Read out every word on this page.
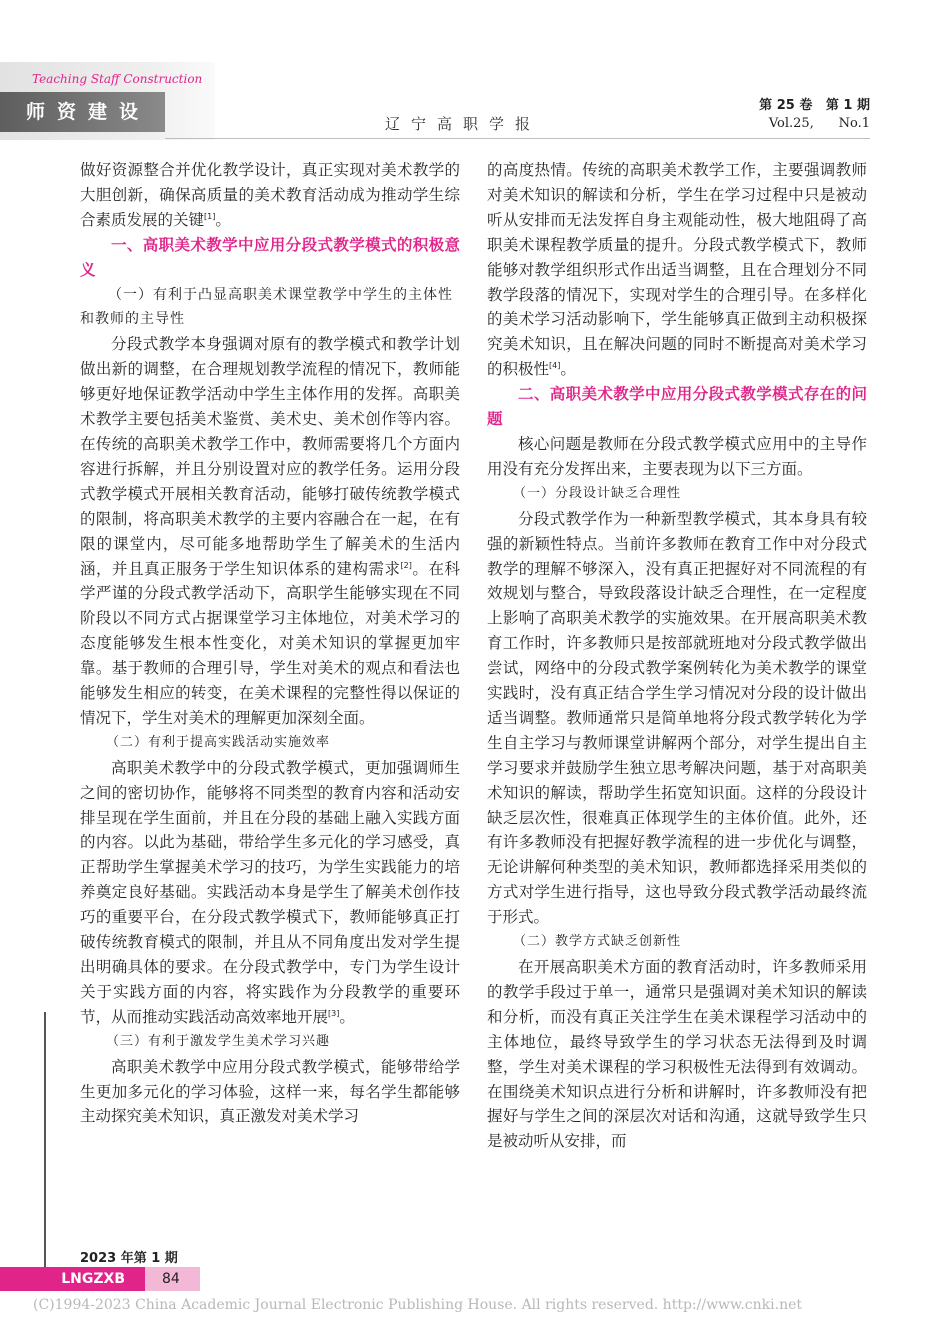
Teaching Staff Construction
师资建设
辽宁高职学报
第 25 卷   第 1 期
Vol.25,      No.1

做好资源整合并优化教学设计，真正实现对美术教学的大胆创新，确保高质量的美术教育活动成为推动学生综合素质发展的关键[1]。

一、高职美术教学中应用分段式教学模式的积极意义
（一）有利于凸显高职美术课堂教学中学生的主体性和教师的主导性

分段式教学本身强调对原有的教学模式和教学计划做出新的调整，在合理规划教学流程的情况下，教师能够更好地保证教学活动中学生主体作用的发挥。高职美术教学主要包括美术鉴赏、美术史、美术创作等内容。在传统的高职美术教学工作中，教师需要将几个方面内容进行拆解，并且分别设置对应的教学任务。运用分段式教学模式开展相关教育活动，能够打破传统教学模式的限制，将高职美术教学的主要内容融合在一起，在有限的课堂内，尽可能多地帮助学生了解美术的生活内涵，并且真正服务于学生知识体系的建构需求[2]。在科学严谨的分段式教学活动下，高职学生能够实现在不同阶段以不同方式占据课堂学习主体地位，对美术学习的态度能够发生根本性变化，对美术知识的掌握更加牢靠。基于教师的合理引导，学生对美术的观点和看法也能够发生相应的转变，在美术课程的完整性得以保证的情况下，学生对美术的理解更加深刻全面。

（二）有利于提高实践活动实施效率

高职美术教学中的分段式教学模式，更加强调师生之间的密切协作，能够将不同类型的教育内容和活动安排呈现在学生面前，并且在分段的基础上融入实践方面的内容。以此为基础，带给学生多元化的学习感受，真正帮助学生掌握美术学习的技巧，为学生实践能力的培养奠定良好基础。实践活动本身是学生了解美术创作技巧的重要平台，在分段式教学模式下，教师能够真正打破传统教育模式的限制，并且从不同角度出发对学生提出明确具体的要求。在分段式教学中，专门为学生设计关于实践方面的内容，将实践作为分段教学的重要环节，从而推动实践活动高效率地开展[3]。

（三）有利于激发学生美术学习兴趣

高职美术教学中应用分段式教学模式，能够带给学生更加多元化的学习体验，这样一来，每名学生都能够主动探究美术知识，真正激发对美术学习

的高度热情。传统的高职美术教学工作，主要强调教师对美术知识的解读和分析，学生在学习过程中只是被动听从安排而无法发挥自身主观能动性，极大地阻碍了高职美术课程教学质量的提升。分段式教学模式下，教师能够对教学组织形式作出适当调整，且在合理划分不同教学段落的情况下，实现对学生的合理引导。在多样化的美术学习活动影响下，学生能够真正做到主动积极探究美术知识，且在解决问题的同时不断提高对美术学习的积极性[4]。

二、高职美术教学中应用分段式教学模式存在的问题

核心问题是教师在分段式教学模式应用中的主导作用没有充分发挥出来，主要表现为以下三方面。

（一）分段设计缺乏合理性

分段式教学作为一种新型教学模式，其本身具有较强的新颖性特点。当前许多教师在教育工作中对分段式教学的理解不够深入，没有真正把握好对不同流程的有效规划与整合，导致段落设计缺乏合理性，在一定程度上影响了高职美术教学的实施效果。在开展高职美术教育工作时，许多教师只是按部就班地对分段式教学做出尝试，网络中的分段式教学案例转化为美术教学的课堂实践时，没有真正结合学生学习情况对分段的设计做出适当调整。教师通常只是简单地将分段式教学转化为学生自主学习与教师课堂讲解两个部分，对学生提出自主学习要求并鼓励学生独立思考解决问题，基于对高职美术知识的解读，帮助学生拓宽知识面。这样的分段设计缺乏层次性，很难真正体现学生的主体价值。此外，还有许多教师没有把握好教学流程的进一步优化与调整，无论讲解何种类型的美术知识，教师都选择采用类似的方式对学生进行指导，这也导致分段式教学活动最终流于形式。

（二）教学方式缺乏创新性

在开展高职美术方面的教育活动时，许多教师采用的教学手段过于单一，通常只是强调对美术知识的解读和分析，而没有真正关注学生在美术课程学习活动中的主体地位，最终导致学生的学习状态无法得到及时调整，学生对美术课程的学习积极性无法得到有效调动。在围绕美术知识点进行分析和讲解时，许多教师没有把握好与学生之间的深层次对话和沟通，这就导致学生只是被动听从安排，而

2023 年第 1 期
LNGZXB	84
(C)1994-2023 China Academic Journal Electronic Publishing House. All rights reserved. http://www.cnki.net
